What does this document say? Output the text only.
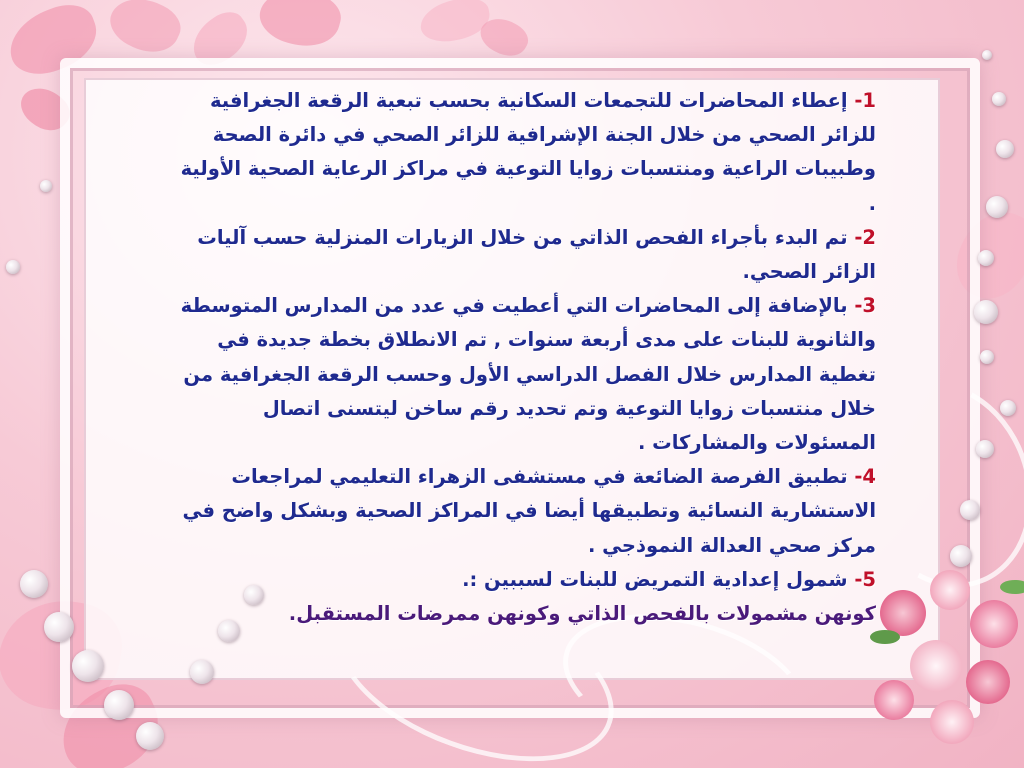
1- إعطاء المحاضرات للتجمعات السكانية بحسب تبعية الرقعة الجغرافية للزائر الصحي من خلال الجنة الإشرافية للزائر الصحي في دائرة الصحة وطبيبات الراعية ومنتسبات زوايا التوعية في مراكز الرعاية الصحية الأولية .

2- تم البدء بأجراء الفحص الذاتي من خلال الزيارات المنزلية حسب آليات الزائر الصحي.

3- بالإضافة إلى المحاضرات التي أعطيت في عدد من المدارس المتوسطة والثانوية للبنات على مدى أربعة سنوات , تم الانطلاق بخطة جديدة في تغطية المدارس خلال الفصل الدراسي الأول وحسب الرقعة الجغرافية من خلال منتسبات زوايا التوعية وتم تحديد رقم ساخن ليتسنى اتصال المسئولات والمشاركات .

4- تطبيق الفرصة الضائعة في مستشفى الزهراء التعليمي لمراجعات الاستشارية النسائية وتطبيقها أيضا في المراكز الصحية وبشكل واضح في مركز صحي العدالة النموذجي .

5- شمول إعدادية التمريض للبنات لسببين :.

كونهن مشمولات بالفحص الذاتي وكونهن ممرضات المستقبل.
